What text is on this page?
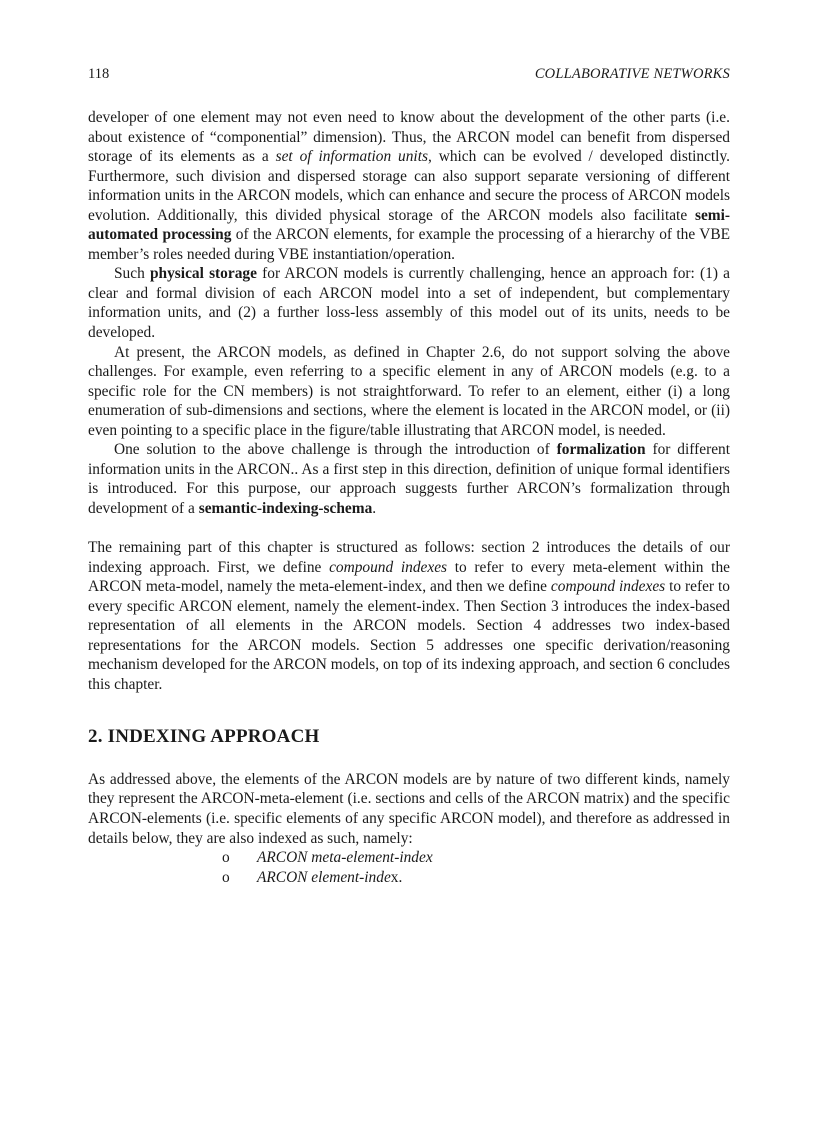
118	COLLABORATIVE NETWORKS

developer of one element may not even need to know about the development of the other parts (i.e. about existence of “componential” dimension). Thus, the ARCON model can benefit from dispersed storage of its elements as a set of information units, which can be evolved / developed distinctly. Furthermore, such division and dispersed storage can also support separate versioning of different information units in the ARCON models, which can enhance and secure the process of ARCON models evolution. Additionally, this divided physical storage of the ARCON models also facilitate semi-automated processing of the ARCON elements, for example the processing of a hierarchy of the VBE member’s roles needed during VBE instantiation/operation.

Such physical storage for ARCON models is currently challenging, hence an approach for: (1) a clear and formal division of each ARCON model into a set of independent, but complementary information units, and (2) a further loss-less assembly of this model out of its units, needs to be developed.

At present, the ARCON models, as defined in Chapter 2.6, do not support solving the above challenges. For example, even referring to a specific element in any of ARCON models (e.g. to a specific role for the CN members) is not straightforward. To refer to an element, either (i) a long enumeration of sub-dimensions and sections, where the element is located in the ARCON model, or (ii) even pointing to a specific place in the figure/table illustrating that ARCON model, is needed.

One solution to the above challenge is through the introduction of formalization for different information units in the ARCON.. As a first step in this direction, definition of unique formal identifiers is introduced. For this purpose, our approach suggests further ARCON’s formalization through development of a semantic-indexing-schema.

The remaining part of this chapter is structured as follows: section 2 introduces the details of our indexing approach. First, we define compound indexes to refer to every meta-element within the ARCON meta-model, namely the meta-element-index, and then we define compound indexes to refer to every specific ARCON element, namely the element-index. Then Section 3 introduces the index-based representation of all elements in the ARCON models. Section 4 addresses two index-based representations for the ARCON models. Section 5 addresses one specific derivation/reasoning mechanism developed for the ARCON models, on top of its indexing approach, and section 6 concludes this chapter.

2. INDEXING APPROACH

As addressed above, the elements of the ARCON models are by nature of two different kinds, namely they represent the ARCON-meta-element (i.e. sections and cells of the ARCON matrix) and the specific ARCON-elements (i.e. specific elements of any specific ARCON model), and therefore as addressed in details below, they are also indexed as such, namely:

o ARCON meta-element-index
o ARCON element-index.
